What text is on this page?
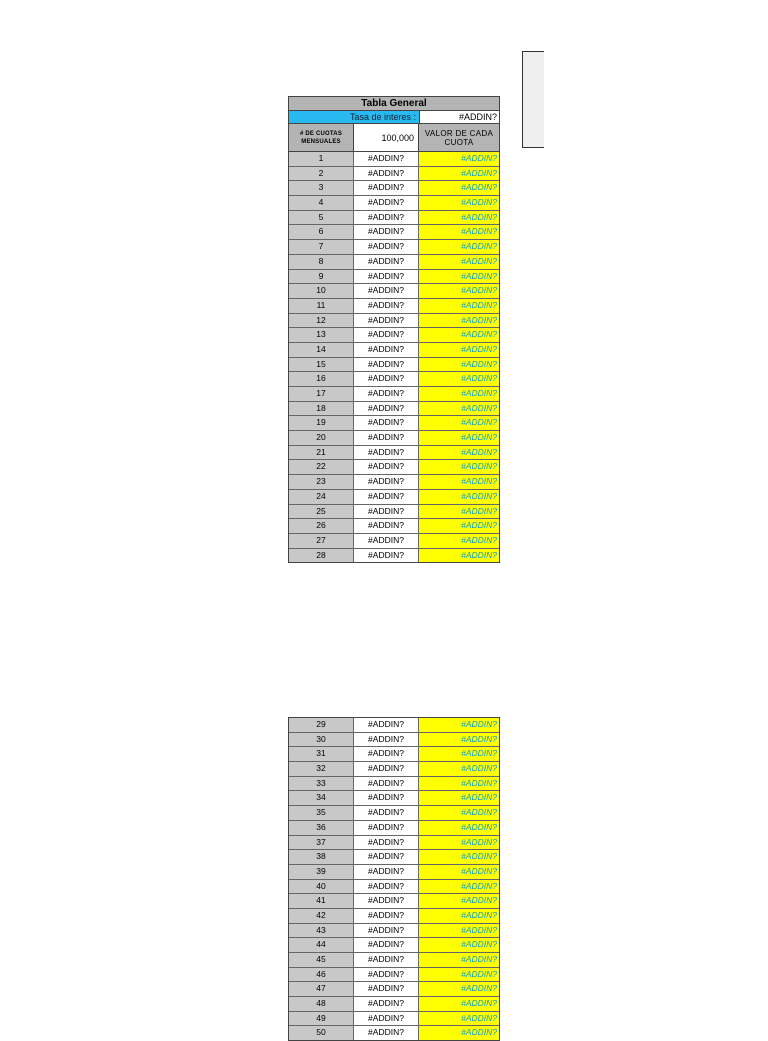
Tabla General
Tasa de interes :	#ADDIN?
# DE CUOTAS MENSUALES	100,000	VALOR DE CADA CUOTA
1	#ADDIN?	#ADDIN?
2	#ADDIN?	#ADDIN?
3	#ADDIN?	#ADDIN?
4	#ADDIN?	#ADDIN?
5	#ADDIN?	#ADDIN?
6	#ADDIN?	#ADDIN?
7	#ADDIN?	#ADDIN?
8	#ADDIN?	#ADDIN?
9	#ADDIN?	#ADDIN?
10	#ADDIN?	#ADDIN?
11	#ADDIN?	#ADDIN?
12	#ADDIN?	#ADDIN?
13	#ADDIN?	#ADDIN?
14	#ADDIN?	#ADDIN?
15	#ADDIN?	#ADDIN?
16	#ADDIN?	#ADDIN?
17	#ADDIN?	#ADDIN?
18	#ADDIN?	#ADDIN?
19	#ADDIN?	#ADDIN?
20	#ADDIN?	#ADDIN?
21	#ADDIN?	#ADDIN?
22	#ADDIN?	#ADDIN?
23	#ADDIN?	#ADDIN?
24	#ADDIN?	#ADDIN?
25	#ADDIN?	#ADDIN?
26	#ADDIN?	#ADDIN?
27	#ADDIN?	#ADDIN?
28	#ADDIN?	#ADDIN?
29	#ADDIN?	#ADDIN?
30	#ADDIN?	#ADDIN?
31	#ADDIN?	#ADDIN?
32	#ADDIN?	#ADDIN?
33	#ADDIN?	#ADDIN?
34	#ADDIN?	#ADDIN?
35	#ADDIN?	#ADDIN?
36	#ADDIN?	#ADDIN?
37	#ADDIN?	#ADDIN?
38	#ADDIN?	#ADDIN?
39	#ADDIN?	#ADDIN?
40	#ADDIN?	#ADDIN?
41	#ADDIN?	#ADDIN?
42	#ADDIN?	#ADDIN?
43	#ADDIN?	#ADDIN?
44	#ADDIN?	#ADDIN?
45	#ADDIN?	#ADDIN?
46	#ADDIN?	#ADDIN?
47	#ADDIN?	#ADDIN?
48	#ADDIN?	#ADDIN?
49	#ADDIN?	#ADDIN?
50	#ADDIN?	#ADDIN?
